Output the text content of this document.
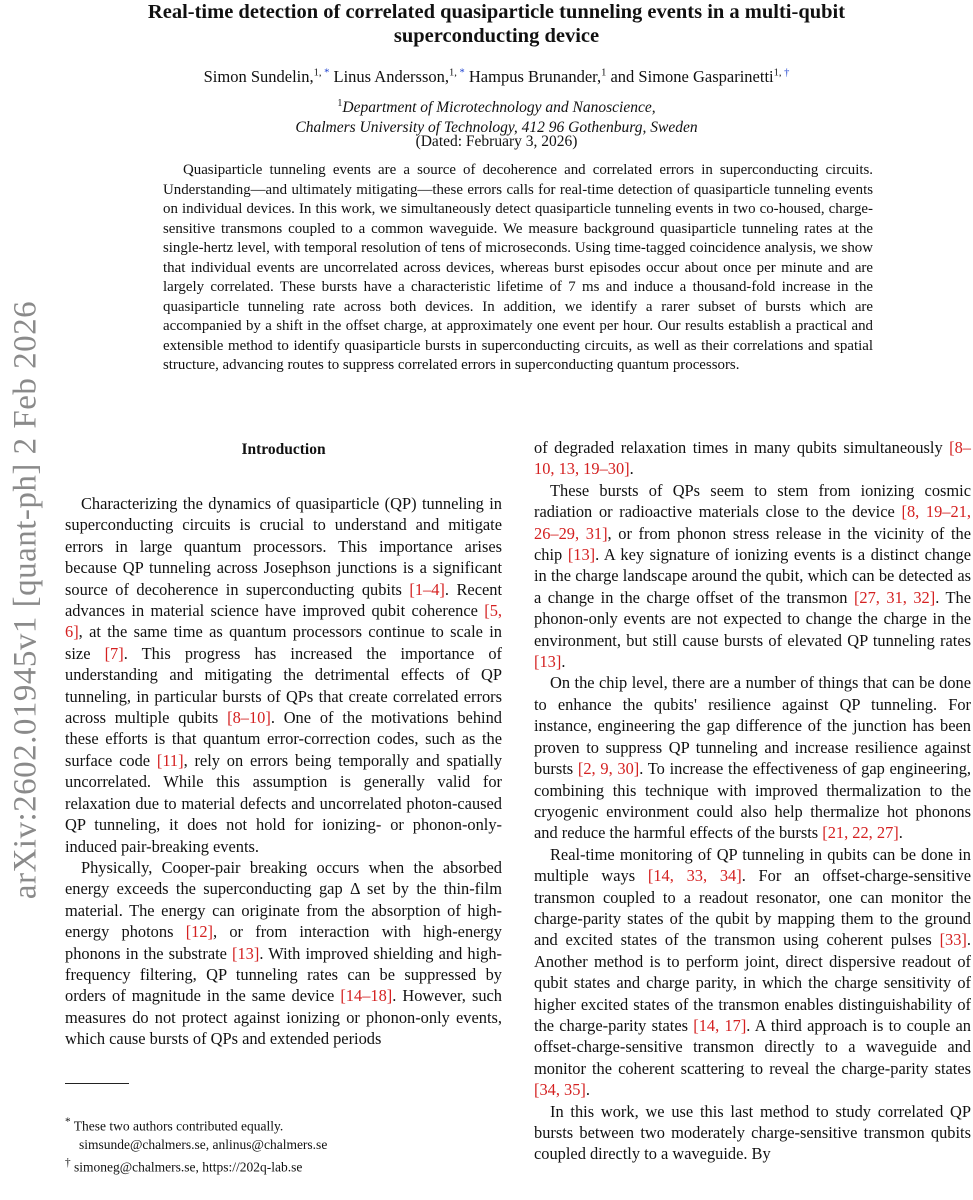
arXiv:2602.01945v1 [quant-ph] 2 Feb 2026
Real-time detection of correlated quasiparticle tunneling events in a multi-qubit
superconducting device
Simon Sundelin,$^{1, *}$ Linus Andersson,$^{1, *}$ Hampus Brunander,$^1$ and Simone Gasparinetti$^{1, \dagger}$
$^1$Department of Microtechnology and Nanoscience,
Chalmers University of Technology, 412 96 Gothenburg, Sweden
(Dated: February 3, 2026)

Quasiparticle tunneling events are a source of decoherence and correlated errors in superconducting circuits. Understanding—and ultimately mitigating—these errors calls for real-time detection of quasiparticle tunneling events on individual devices. In this work, we simultaneously detect quasiparticle tunneling events in two co-housed, charge-sensitive transmons coupled to a common waveguide. We measure background quasiparticle tunneling rates at the single-hertz level, with temporal resolution of tens of microseconds. Using time-tagged coincidence analysis, we show that individual events are uncorrelated across devices, whereas burst episodes occur about once per minute and are largely correlated. These bursts have a characteristic lifetime of 7 ms and induce a thousand-fold increase in the quasiparticle tunneling rate across both devices. In addition, we identify a rarer subset of bursts which are accompanied by a shift in the offset charge, at approximately one event per hour. Our results establish a practical and extensible method to identify quasiparticle bursts in superconducting circuits, as well as their correlations and spatial structure, advancing routes to suppress correlated errors in superconducting quantum processors.

Introduction

Characterizing the dynamics of quasiparticle (QP) tunneling in superconducting circuits is crucial to understand and mitigate errors in large quantum processors. This importance arises because QP tunneling across Josephson junctions is a significant source of decoherence in superconducting qubits [1–4]. Recent advances in material science have improved qubit coherence [5, 6], at the same time as quantum processors continue to scale in size [7]. This progress has increased the importance of understanding and mitigating the detrimental effects of QP tunneling, in particular bursts of QPs that create correlated errors across multiple qubits [8–10]. One of the motivations behind these efforts is that quantum error-correction codes, such as the surface code [11], rely on errors being temporally and spatially uncorrelated. While this assumption is generally valid for relaxation due to material defects and uncorrelated photon-caused QP tunneling, it does not hold for ionizing- or phonon-only-induced pair-breaking events.

Physically, Cooper-pair breaking occurs when the absorbed energy exceeds the superconducting gap Δ set by the thin-film material. The energy can originate from the absorption of high-energy photons [12], or from interaction with high-energy phonons in the substrate [13]. With improved shielding and high-frequency filtering, QP tunneling rates can be suppressed by orders of magnitude in the same device [14–18]. However, such measures do not protect against ionizing or phonon-only events, which cause bursts of QPs and extended periods

of degraded relaxation times in many qubits simultaneously [8–10, 13, 19–30].

These bursts of QPs seem to stem from ionizing cosmic radiation or radioactive materials close to the device [8, 19–21, 26–29, 31], or from phonon stress release in the vicinity of the chip [13]. A key signature of ionizing events is a distinct change in the charge landscape around the qubit, which can be detected as a change in the charge offset of the transmon [27, 31, 32]. The phonon-only events are not expected to change the charge in the environment, but still cause bursts of elevated QP tunneling rates [13].

On the chip level, there are a number of things that can be done to enhance the qubits' resilience against QP tunneling. For instance, engineering the gap difference of the junction has been proven to suppress QP tunneling and increase resilience against bursts [2, 9, 30]. To increase the effectiveness of gap engineering, combining this technique with improved thermalization to the cryogenic environment could also help thermalize hot phonons and reduce the harmful effects of the bursts [21, 22, 27].

Real-time monitoring of QP tunneling in qubits can be done in multiple ways [14, 33, 34]. For an offset-charge-sensitive transmon coupled to a readout resonator, one can monitor the charge-parity states of the qubit by mapping them to the ground and excited states of the transmon using coherent pulses [33]. Another method is to perform joint, direct dispersive readout of qubit states and charge parity, in which the charge sensitivity of higher excited states of the transmon enables distinguishability of the charge-parity states [14, 17]. A third approach is to couple an offset-charge-sensitive transmon directly to a waveguide and monitor the coherent scattering to reveal the charge-parity states [34, 35].

In this work, we use this last method to study correlated QP bursts between two moderately charge-sensitive transmon qubits coupled directly to a waveguide. By

* These two authors contributed equally.
simsunde@chalmers.se, anlinus@chalmers.se
† simoneg@chalmers.se, https://202q-lab.se
